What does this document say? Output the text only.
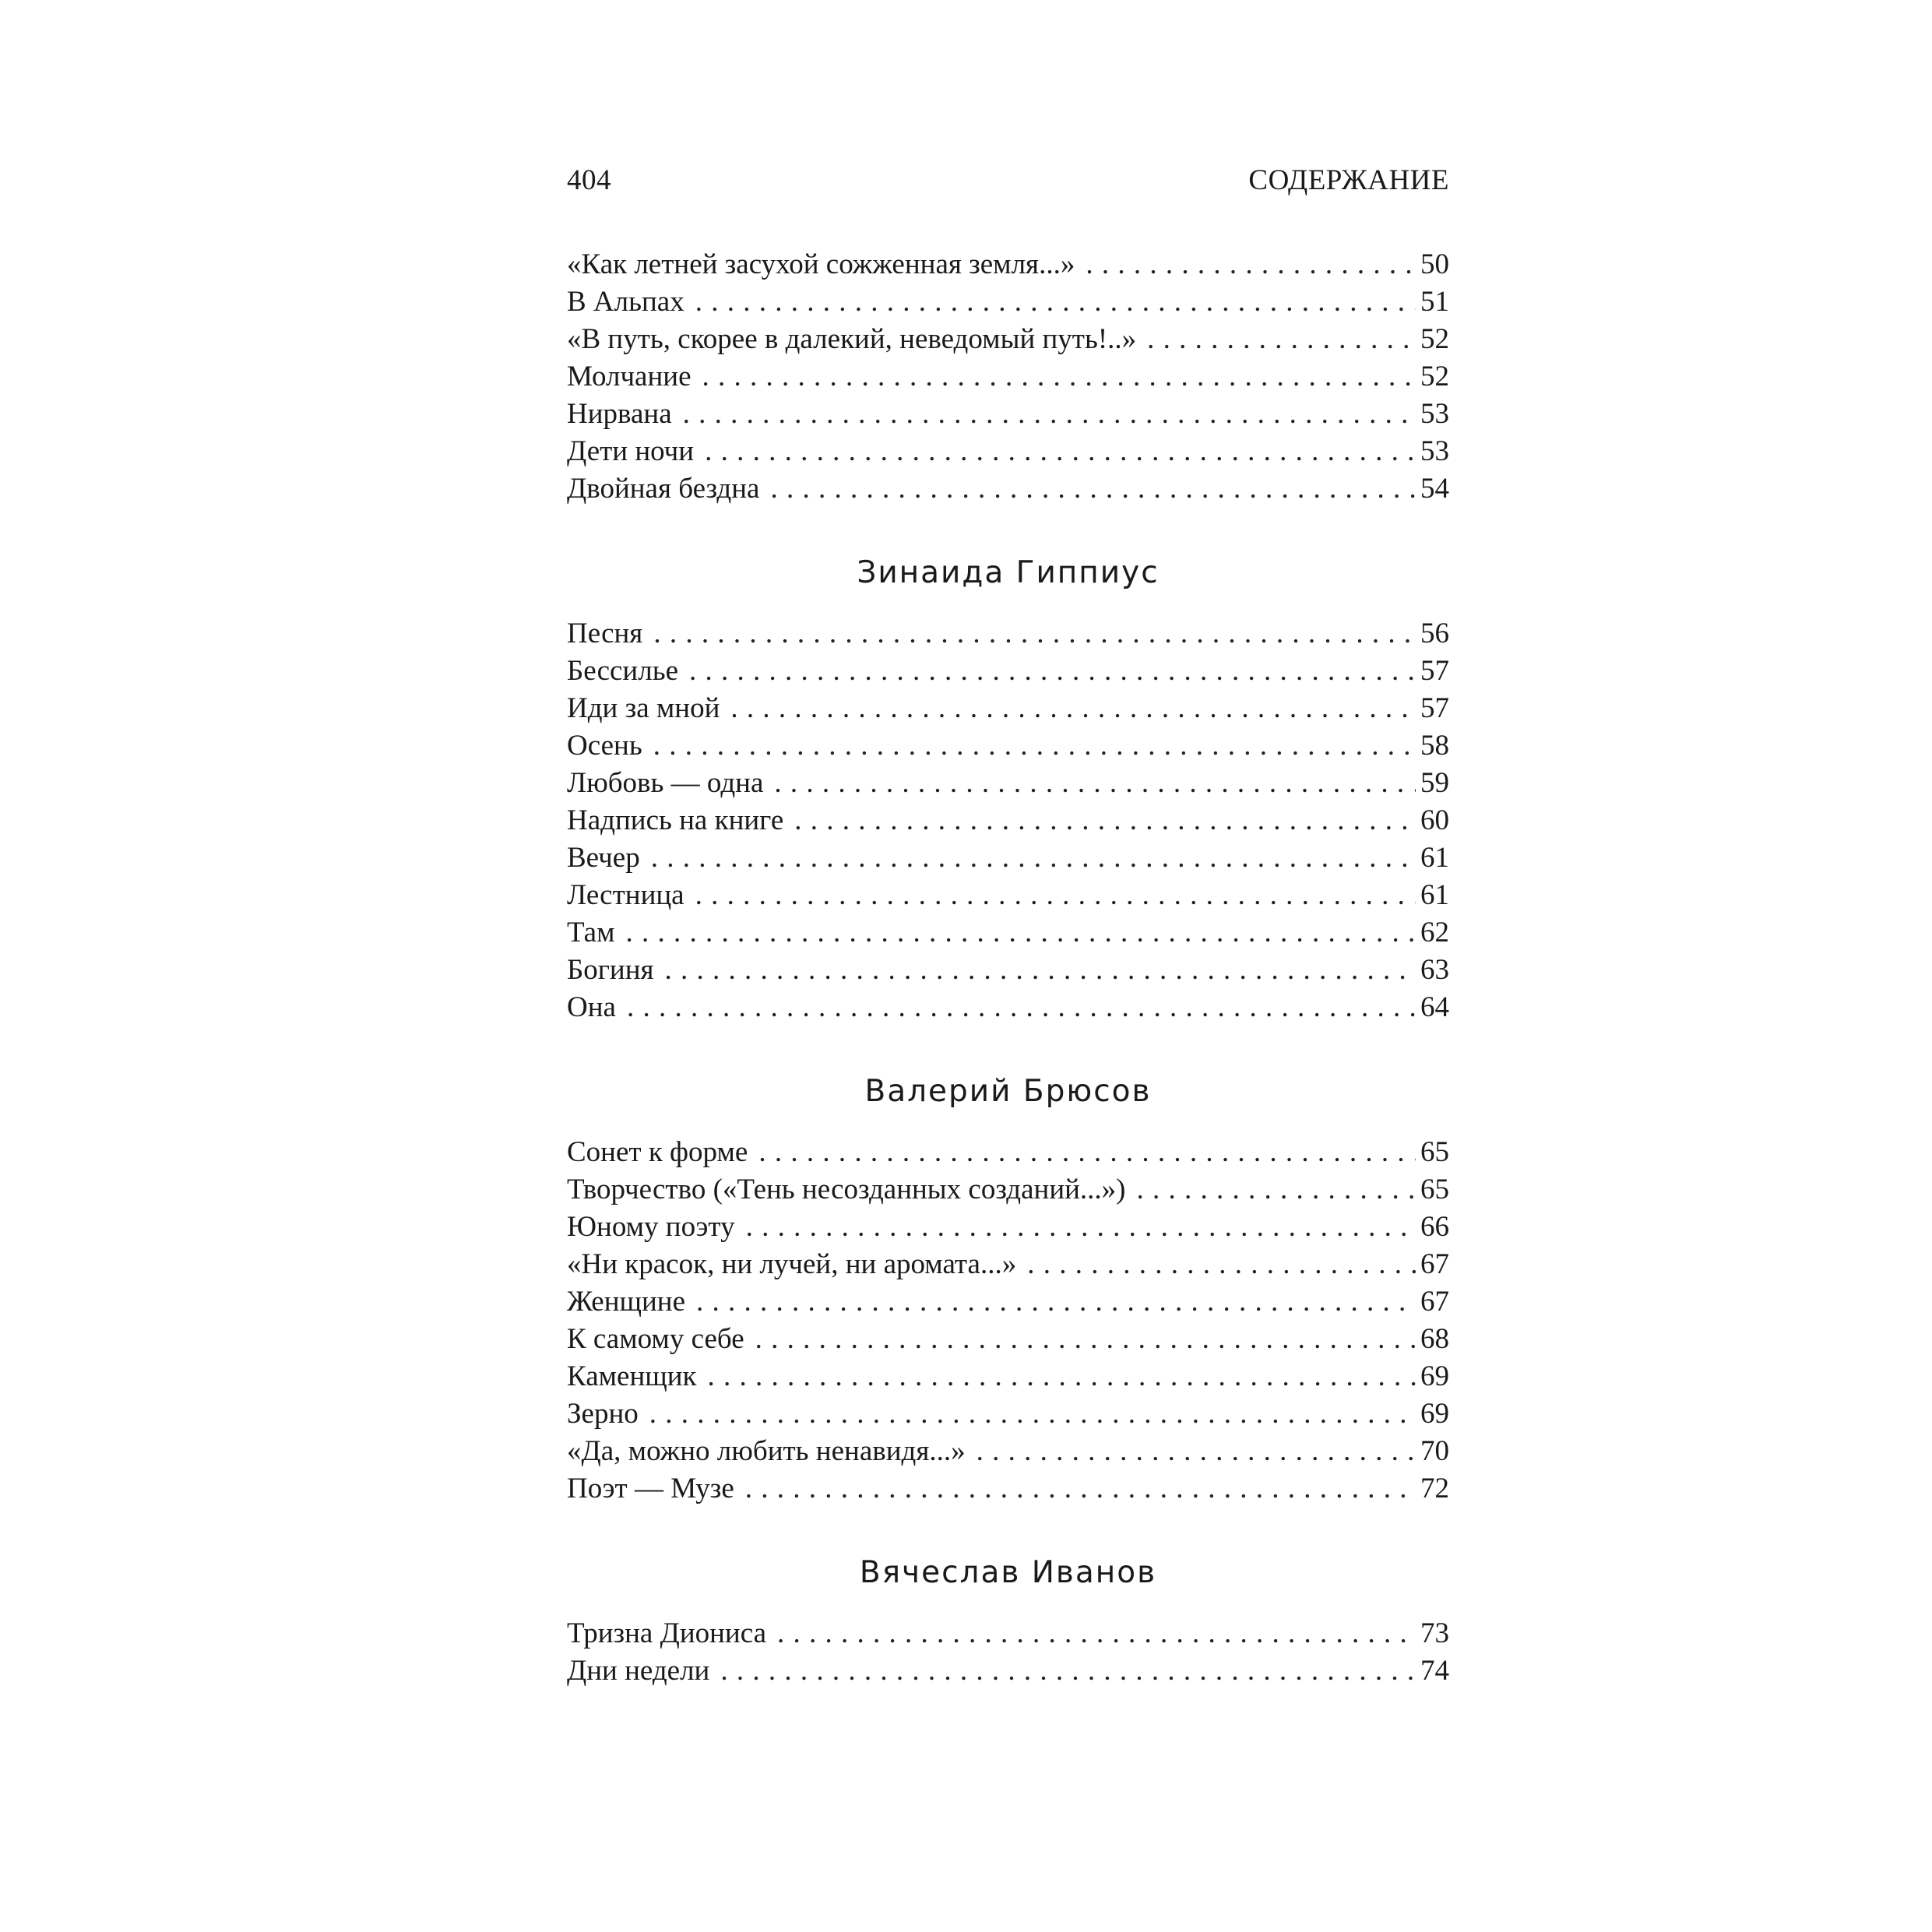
404	СОДЕРЖАНИЕ
«Как летней засухой сожженная земля...» . . .	50
В Альпах . . .	51
«В путь, скорее в далекий, неведомый путь!..» . . .	52
Молчание . . .	52
Нирвана . . .	53
Дети ночи . . .	53
Двойная бездна . . .	54
Зинаида Гиппиус
Песня . . .	56
Бессилье . . .	57
Иди за мной . . .	57
Осень . . .	58
Любовь — одна . . .	59
Надпись на книге . . .	60
Вечер . . .	61
Лестница . . .	61
Там . . .	62
Богиня . . .	63
Она . . .	64
Валерий Брюсов
Сонет к форме . . .	65
Творчество («Тень несозданных созданий...») . . .	65
Юному поэту . . .	66
«Ни красок, ни лучей, ни аромата...» . . .	67
Женщине . . .	67
К самому себе . . .	68
Каменщик . . .	69
Зерно . . .	69
«Да, можно любить ненавидя...» . . .	70
Поэт — Музе . . .	72
Вячеслав Иванов
Тризна Диониса . . .	73
Дни недели . . .	74
